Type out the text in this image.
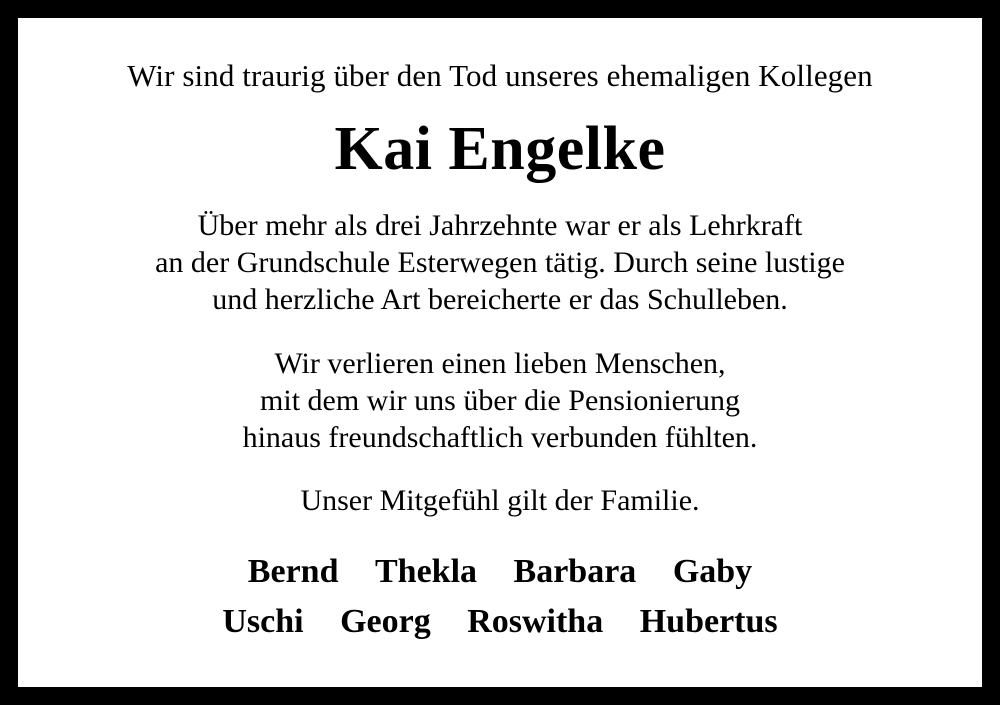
Wir sind traurig über den Tod unseres ehemaligen Kollegen
Kai Engelke
Über mehr als drei Jahrzehnte war er als Lehrkraft
an der Grundschule Esterwegen tätig. Durch seine lustige
und herzliche Art bereicherte er das Schulleben.
Wir verlieren einen lieben Menschen,
mit dem wir uns über die Pensionierung
hinaus freundschaftlich verbunden fühlten.
Unser Mitgefühl gilt der Familie.
Bernd Thekla Barbara Gaby
Uschi Georg Roswitha Hubertus
